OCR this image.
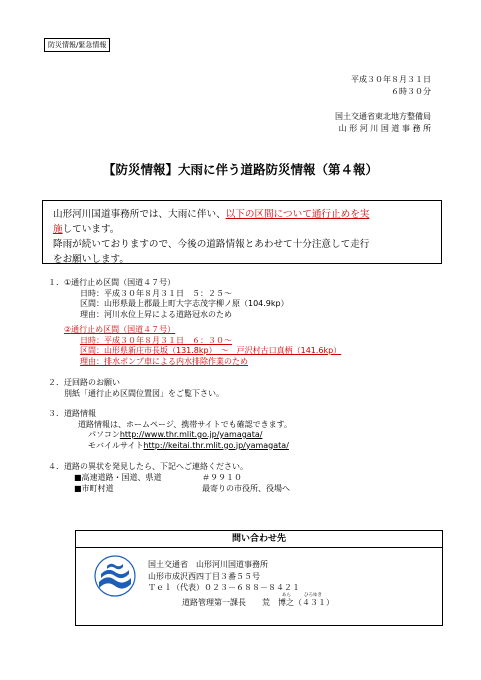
防災情報/緊急情報
平成３０年８月３１日
６時３０分
国土交通省東北地方整備局
山 形 河 川 国 道 事 務 所
【防災情報】大雨に伴う道路防災情報（第４報）
山形河川国道事務所では、大雨に伴い、以下の区間について通行止めを実
施しています。
降雨が続いておりますので、今後の道路情報とあわせて十分注意して走行
をお願いします。
１． ①通行止め区間（国道４７号）
日時：平成３０年８月３１日　５：２５～
区間：山形県最上郡最上町大字志茂字柳ノ原（104.9kp）
理由：河川水位上昇による道路冠水のため
②通行止め区間（国道４７号）
日時：平成３０年８月３１日　６：３０～
区間：山形県新庄市長坂（131.8kp）　～　戸沢村古口真柄（141.6kp）
理由：排水ポンプ車による内水排除作業のため
２． 迂回路のお願い
別紙「通行止め区間位置図」をご覧下さい。
３． 道路情報
道路情報は、ホームページ、携帯サイトでも確認できます。
パソコンhttp://www.thr.mlit.go.jp/yamagata/
モバイルサイトhttp://keitai.thr.mlit.go.jp/yamagata/
４． 道路の異状を発見したら、下記へご連絡ください。
■高速道路・国道、県道	＃９９１０
■市町村道	最寄りの市役所、役場へ
問い合わせ先
国土交通省　山形河川国道事務所
山形市成沢西四丁目３番５５号
Ｔｅｌ（代表）０２３－６８８－８４２１
道路管理第一課長　　荒　博之（４３１）
あら	ひろゆき
